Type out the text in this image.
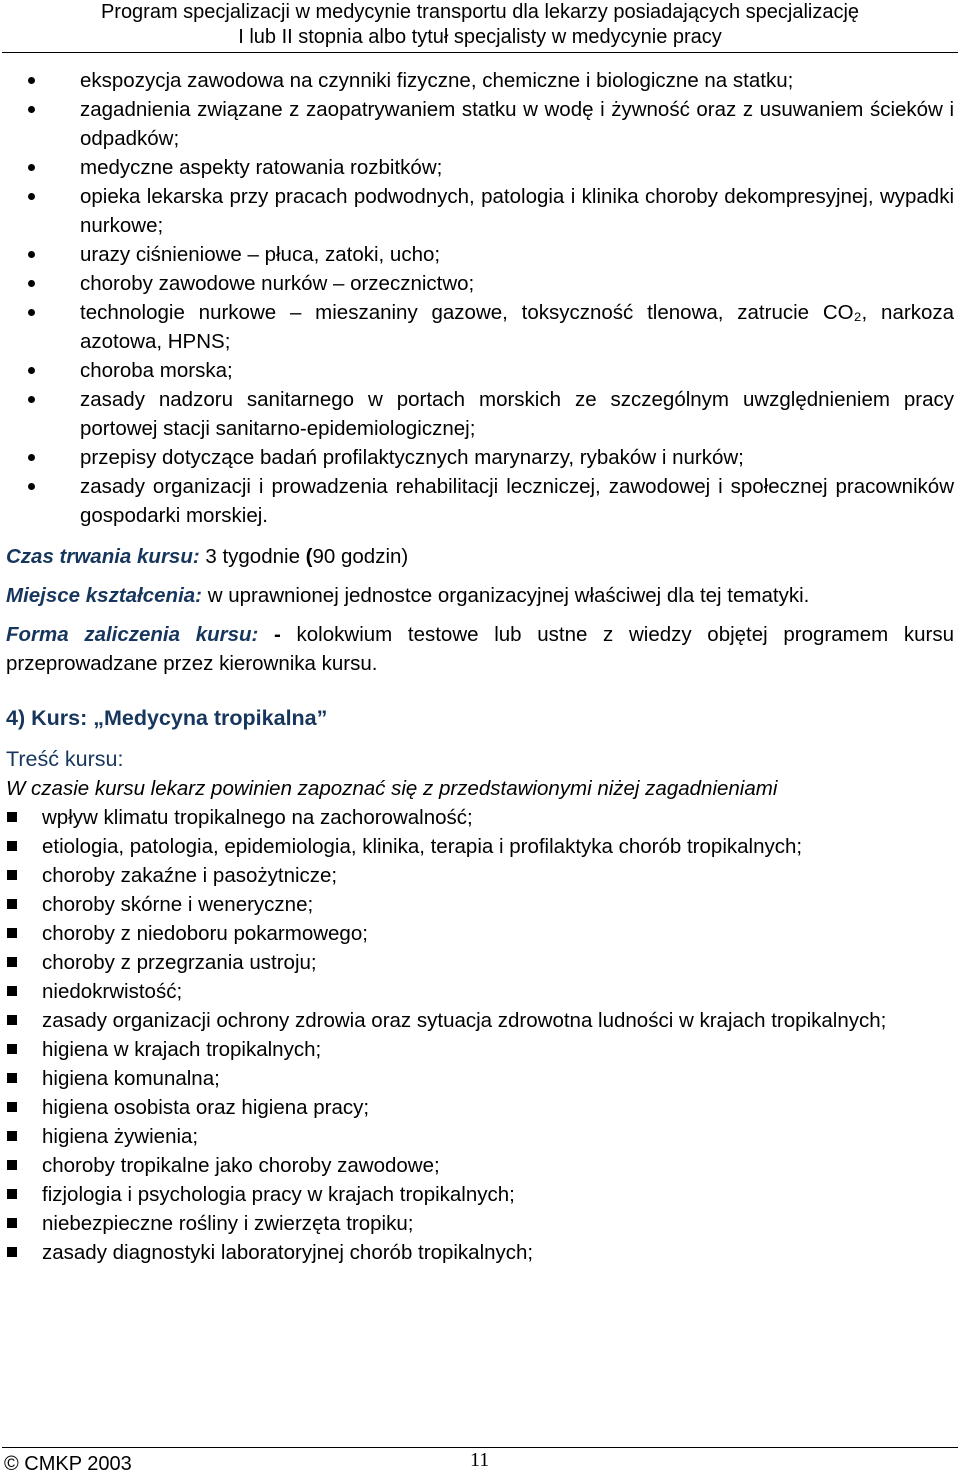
Program specjalizacji w medycynie transportu dla lekarzy posiadających specjalizację
I lub II stopnia albo tytuł specjalisty w medycynie pracy
ekspozycja zawodowa na czynniki fizyczne, chemiczne i biologiczne na statku;
zagadnienia związane z zaopatrywaniem statku w wodę i żywność oraz z usuwaniem ścieków i odpadków;
medyczne aspekty ratowania rozbitków;
opieka lekarska przy pracach podwodnych, patologia i klinika choroby dekompresyjnej, wypadki nurkowe;
urazy ciśnieniowe – płuca, zatoki, ucho;
choroby zawodowe nurków – orzecznictwo;
technologie nurkowe – mieszaniny gazowe, toksyczność tlenowa, zatrucie CO₂, narkoza azotowa, HPNS;
choroba morska;
zasady nadzoru sanitarnego w portach morskich ze szczególnym uwzględnieniem pracy portowej stacji sanitarno-epidemiologicznej;
przepisy dotyczące badań profilaktycznych marynarzy, rybaków i nurków;
zasady organizacji i prowadzenia rehabilitacji leczniczej, zawodowej i społecznej pracowników gospodarki morskiej.

Czas trwania kursu: 3 tygodnie (90 godzin)

Miejsce kształcenia: w uprawnionej jednostce organizacyjnej właściwej dla tej tematyki.

Forma zaliczenia kursu: - kolokwium testowe lub ustne z wiedzy objętej programem kursu przeprowadzane przez kierownika kursu.

4) Kurs: „Medycyna tropikalna”

Treść kursu:

W czasie kursu lekarz powinien zapoznać się z przedstawionymi niżej zagadnieniami

wpływ klimatu tropikalnego na zachorowalność;
etiologia, patologia, epidemiologia, klinika, terapia i profilaktyka chorób tropikalnych;
choroby zakaźne i pasożytnicze;
choroby skórne i weneryczne;
choroby z niedoboru pokarmowego;
choroby z przegrzania ustroju;
niedokrwistość;
zasady organizacji ochrony zdrowia oraz sytuacja zdrowotna ludności w krajach tropikalnych;
higiena w krajach tropikalnych;
higiena komunalna;
higiena osobista oraz higiena pracy;
higiena żywienia;
choroby tropikalne jako choroby zawodowe;
fizjologia i psychologia pracy w krajach tropikalnych;
niebezpieczne rośliny i zwierzęta tropiku;
zasady diagnostyki laboratoryjnej chorób tropikalnych;
© CMKP 2003	11
